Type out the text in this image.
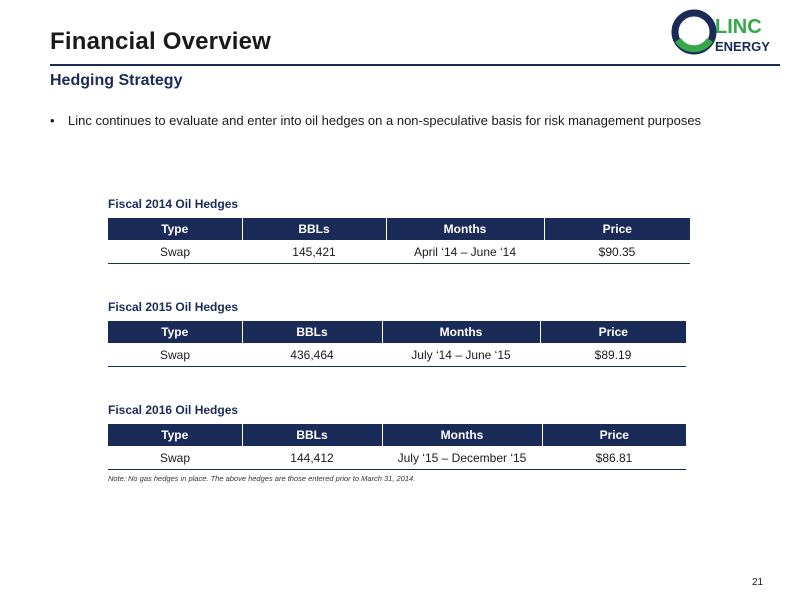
Financial Overview
LINC
ENERGY
Hedging Strategy
• Linc continues to evaluate and enter into oil hedges on a non-speculative basis for risk management purposes
Fiscal 2014 Oil Hedges
Type	BBLs	Months	Price
Swap	145,421	April ‘14 – June ‘14	$90.35
Fiscal 2015 Oil Hedges
Type	BBLs	Months	Price
Swap	436,464	July ‘14 – June ‘15	$89.19
Fiscal 2016 Oil Hedges
Type	BBLs	Months	Price
Swap	144,412	July ‘15 – December ‘15	$86.81
Note: No gas hedges in place. The above hedges are those entered prior to March 31, 2014.
21
